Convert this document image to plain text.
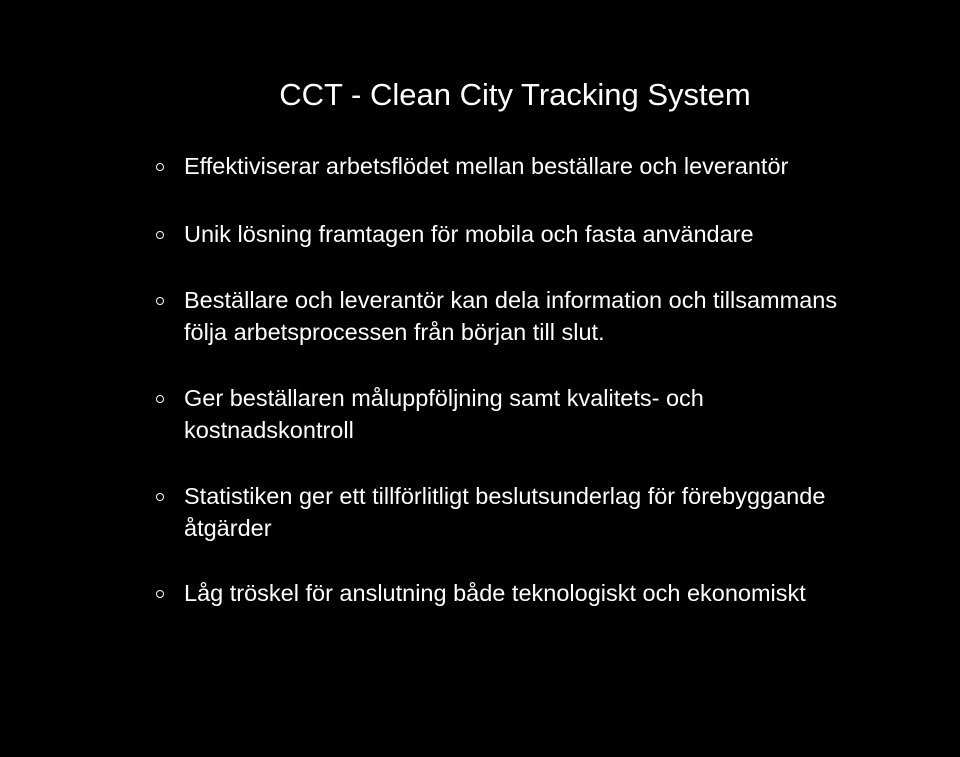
CCT - Clean City Tracking System
Effektiviserar arbetsflödet mellan beställare och leverantör
Unik lösning framtagen för mobila och fasta användare
Beställare och leverantör kan dela information och tillsammans
följa arbetsprocessen från början till slut.
Ger beställaren måluppföljning samt kvalitets- och
kostnadskontroll
Statistiken ger ett tillförlitligt beslutsunderlag för förebyggande
åtgärder
Låg tröskel för anslutning både teknologiskt och ekonomiskt
